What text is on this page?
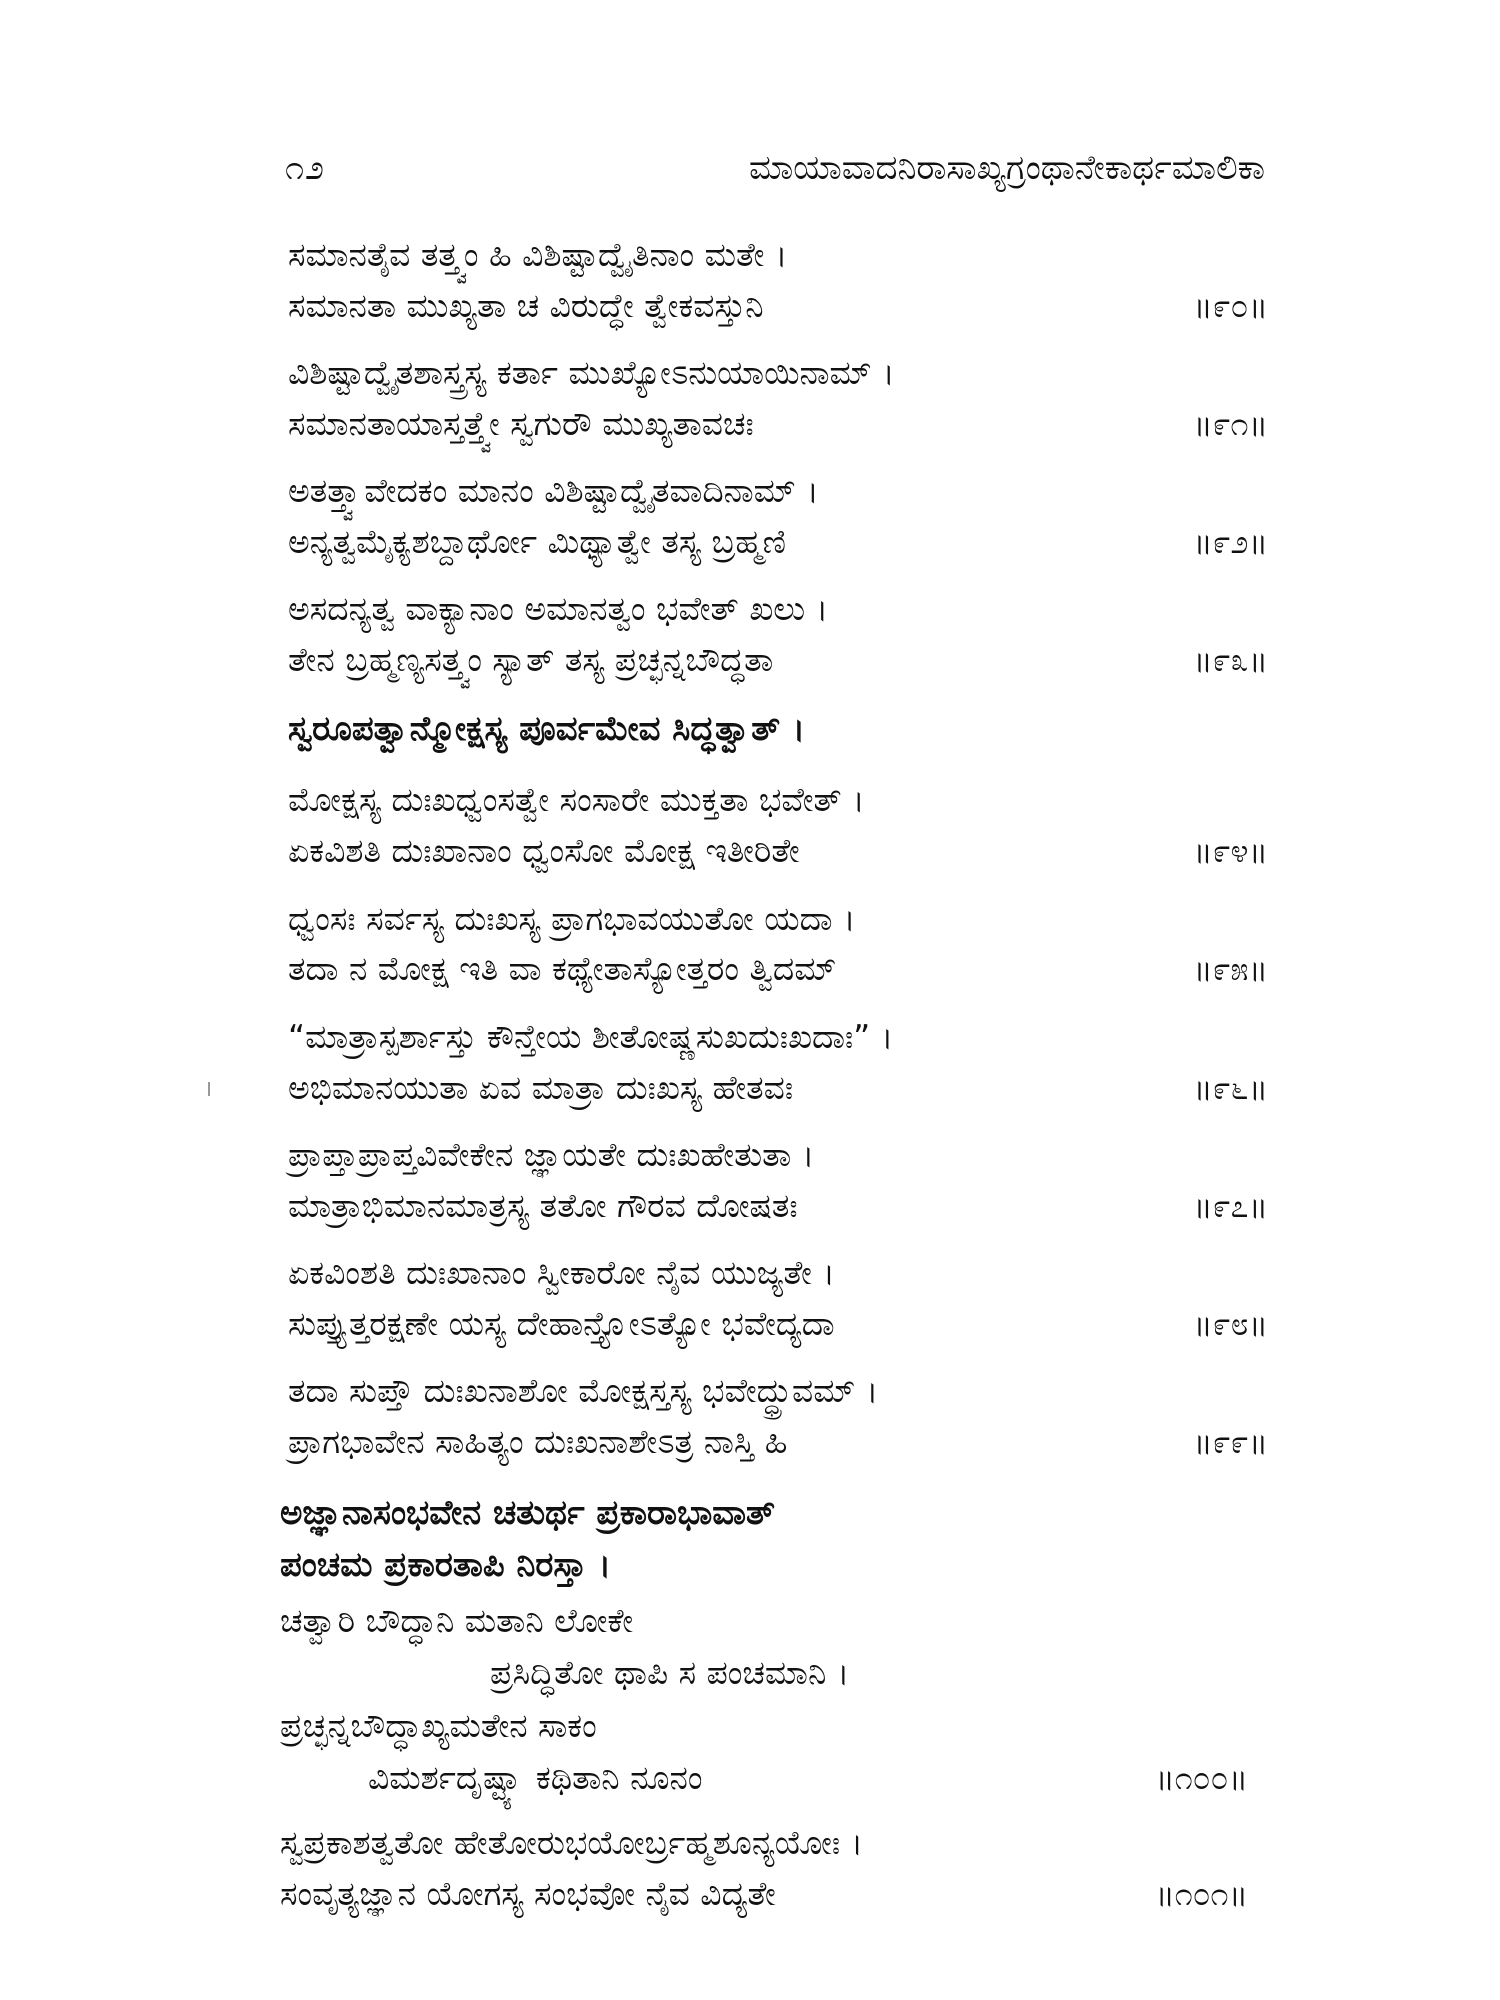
೧೨	ಮಾಯಾವಾದನಿರಾಸಾಖ್ಯಗ್ರಂಥಾನೇಕಾರ್ಥಮಾಲಿಕಾ
ಸಮಾನತೈವ ತತ್ತ್ವಂ ಹಿ ವಿಶಿಷ್ಟಾದ್ವೈತಿನಾಂ ಮತೇ ।
ಸಮಾನತಾ ಮುಖ್ಯತಾ ಚ ವಿರುದ್ಧೇ ತ್ವೇಕವಸ್ತುನಿ	॥೯೦॥
ವಿಶಿಷ್ಟಾದ್ವೈತಶಾಸ್ತ್ರಸ್ಯ ಕರ್ತಾ ಮುಖ್ಯೋಽನುಯಾಯಿನಾಮ್ ।
ಸಮಾನತಾಯಾಸ್ತತ್ತ್ವೇ ಸ್ವಗುರೌ ಮುಖ್ಯತಾವಚಃ	॥೯೧॥
ಅತತ್ತ್ವಾವೇದಕಂ ಮಾನಂ ವಿಶಿಷ್ಟಾದ್ವೈತವಾದಿನಾಮ್ ।
ಅನ್ಯತ್ವಮೈಕ್ಯಶಬ್ದಾರ್ಥೋ ಮಿಥ್ಯಾತ್ವೇ ತಸ್ಯ ಬ್ರಹ್ಮಣಿ	॥೯೨॥
ಅಸದನ್ಯತ್ವ ವಾಕ್ಯಾನಾಂ ಅಮಾನತ್ವಂ ಭವೇತ್ ಖಲು ।
ತೇನ ಬ್ರಹ್ಮಣ್ಯಸತ್ತ್ವಂ ಸ್ಯಾತ್ ತಸ್ಯ ಪ್ರಚ್ಛನ್ನಬೌದ್ಧತಾ	॥೯೩॥
ಸ್ವರೂಪತ್ವಾನ್ಮೋಕ್ಷಸ್ಯ ಪೂರ್ವಮೇವ ಸಿದ್ಧತ್ವಾತ್ ।
ಮೋಕ್ಷಸ್ಯ ದುಃಖಧ್ವಂಸತ್ವೇ ಸಂಸಾರೇ ಮುಕ್ತತಾ ಭವೇತ್ ।
ಏಕವಿಶತಿ ದುಃಖಾನಾಂ ಧ್ವಂಸೋ ಮೋಕ್ಷ ಇತೀರಿತೇ	॥೯೪॥
ಧ್ವಂಸಃ ಸರ್ವಸ್ಯ ದುಃಖಸ್ಯ ಪ್ರಾಗಭಾವಯುತೋ ಯದಾ ।
ತದಾ ನ ಮೋಕ್ಷ ಇತಿ ವಾ ಕಥ್ಯೇತಾಸ್ಯೋತ್ತರಂ ತ್ವಿದಮ್	॥೯೫॥
“ಮಾತ್ರಾಸ್ಪರ್ಶಾಸ್ತು ಕೌನ್ತೇಯ ಶೀತೋಷ್ಣಸುಖದುಃಖದಾಃ” ।
ಅಭಿಮಾನಯುತಾ ಏವ ಮಾತ್ರಾ ದುಃಖಸ್ಯ ಹೇತವಃ	॥೯೬॥
ಪ್ರಾಪ್ತಾಪ್ರಾಪ್ತವಿವೇಕೇನ ಜ್ಞಾಯತೇ ದುಃಖಹೇತುತಾ ।
ಮಾತ್ರಾಭಿಮಾನಮಾತ್ರಸ್ಯ ತತೋ ಗೌರವ ದೋಷತಃ	॥೯೭॥
ಏಕವಿಂಶತಿ ದುಃಖಾನಾಂ ಸ್ವೀಕಾರೋ ನೈವ ಯುಜ್ಯತೇ ।
ಸುಪ್ತ್ಯುತ್ತರಕ್ಷಣೇ ಯಸ್ಯ ದೇಹಾನ್ತ್ಯೋಽತ್ಯೋ ಭವೇದ್ಯದಾ	॥೯೮॥
ತದಾ ಸುಪ್ತೌ ದುಃಖನಾಶೋ ಮೋಕ್ಷಸ್ತಸ್ಯ ಭವೇದ್ಧ್ರುವಮ್ ।
ಪ್ರಾಗಭಾವೇನ ಸಾಹಿತ್ಯಂ ದುಃಖನಾಶೇಽತ್ರ ನಾಸ್ತಿ ಹಿ	॥೯೯॥
ಅಜ್ಞಾನಾಸಂಭವೇನ ಚತುರ್ಥ ಪ್ರಕಾರಾಭಾವಾತ್
ಪಂಚಮ ಪ್ರಕಾರತಾಪಿ ನಿರಸ್ತಾ ।
ಚತ್ವಾರಿ ಬೌದ್ಧಾನಿ ಮತಾನಿ ಲೋಕೇ
ಪ್ರಸಿದ್ಧಿತೋ ಥಾಪಿ ಸ ಪಂಚಮಾನಿ ।
ಪ್ರಚ್ಛನ್ನಬೌದ್ಧಾಖ್ಯಮತೇನ ಸಾಕಂ
ವಿಮರ್ಶದೃಷ್ಟ್ಯಾ ಕಥಿತಾನಿ ನೂನಂ	॥೧೦೦॥
ಸ್ವಪ್ರಕಾಶತ್ವತೋ ಹೇತೋರುಭಯೋರ್ಬ್ರಹ್ಮಶೂನ್ಯಯೋಃ ।
ಸಂವೃತ್ಯಜ್ಞಾನ ಯೋಗಸ್ಯ ಸಂಭವೋ ನೈವ ವಿದ್ಯತೇ	॥೧೦೧॥
